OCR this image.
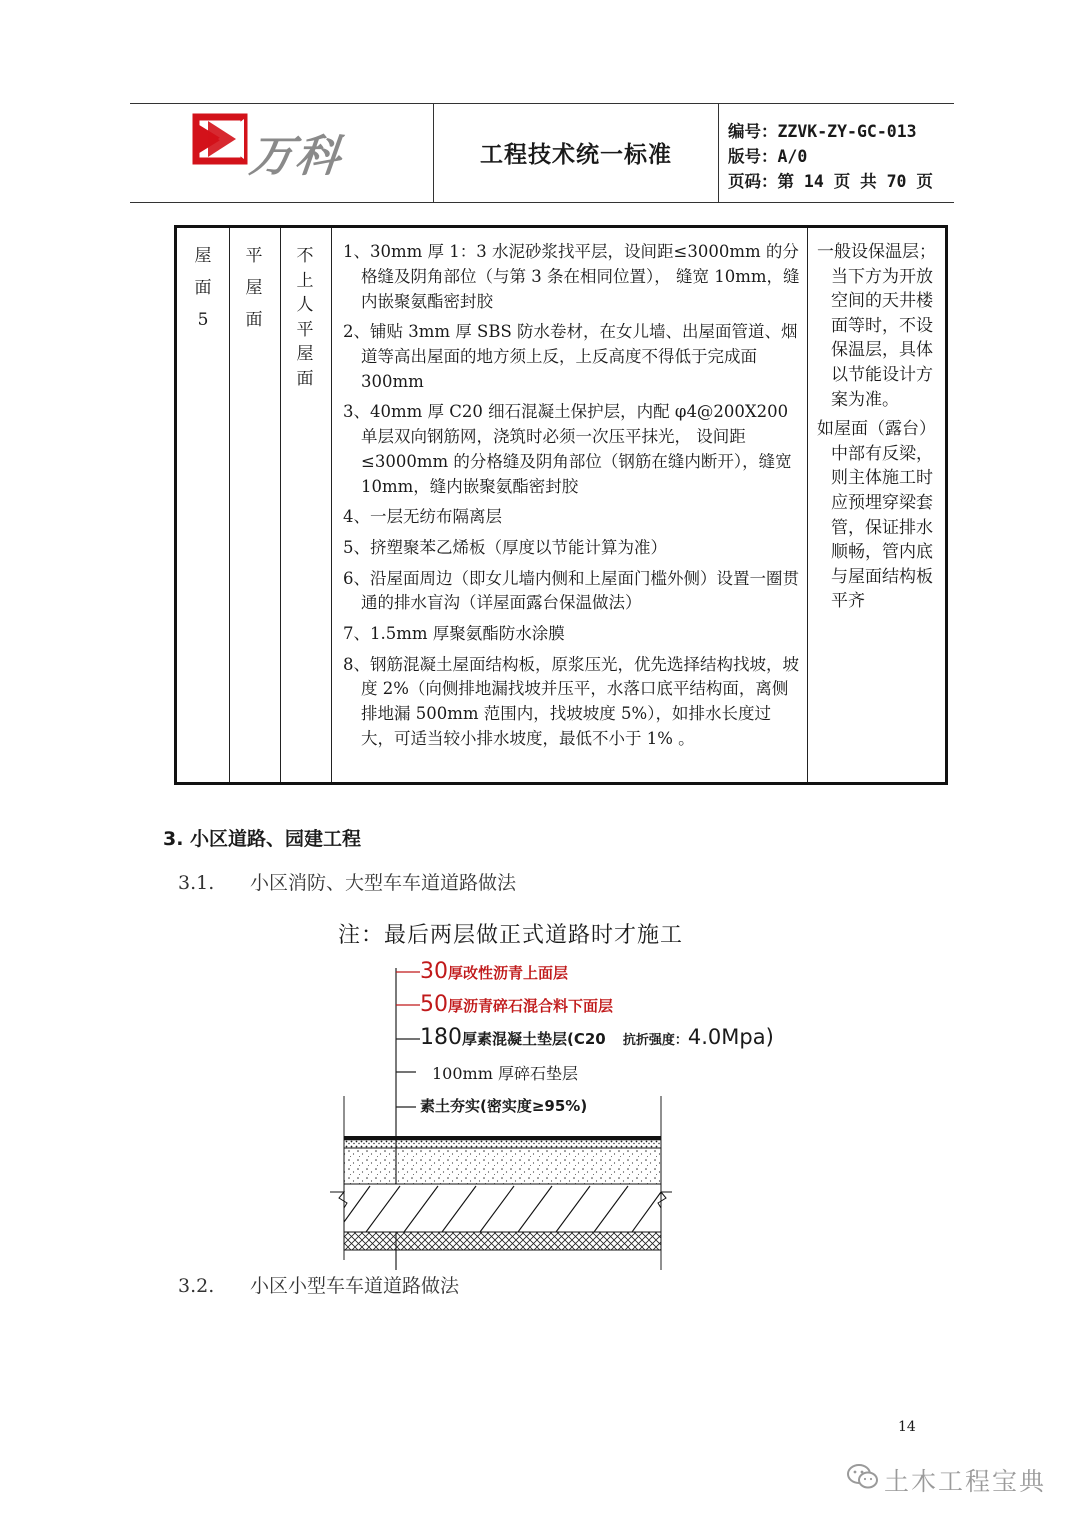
万科	工程技术统一标准
编号：ZZVK-ZY-GC-013
版号：A/0
页码：第 14 页 共 70 页
屋
面
5
平
屋
面
不
上
人
平
屋
面
1、30mm 厚 1：3 水泥砂浆找平层，设间距≤3000mm 的分格缝及阴角部位（与第 3 条在相同位置）， 缝宽 10mm，缝内嵌聚氨酯密封胶
2、铺贴 3mm 厚 SBS 防水卷材，在女儿墙、出屋面管道、烟道等高出屋面的地方须上反，上反高度不得低于完成面 300mm
3、40mm 厚 C20 细石混凝土保护层，内配 φ4@200X200 单层双向钢筋网，浇筑时必须一次压平抹光， 设间距≤3000mm 的分格缝及阴角部位（钢筋在缝内断开），缝宽 10mm，缝内嵌聚氨酯密封胶
4、一层无纺布隔离层
5、挤塑聚苯乙烯板（厚度以节能计算为准）
6、沿屋面周边（即女儿墙内侧和上屋面门槛外侧）设置一圈贯通的排水盲沟（详屋面露台保温做法）
7、1.5mm 厚聚氨酯防水涂膜
8、钢筋混凝土屋面结构板，原浆压光，优先选择结构找坡，坡度 2%（向侧排地漏找坡并压平，水落口底平结构面，离侧排地漏 500mm 范围内，找坡坡度 5%），如排水长度过大，可适当较小排水坡度，最低不小于 1% 。

一般设保温层；当下方为开放空间的天井楼面等时，不设保温层，具体以节能设计方案为准。

如屋面（露台）中部有反梁，则主体施工时应预埋穿梁套管，保证排水顺畅，管内底与屋面结构板平齐

3. 小区道路、园建工程
3.1. 小区消防、大型车车道道路做法
3.2. 小区小型车车道道路做法
注：最后两层做正式道路时才施工
30厚改性沥青上面层
50厚沥青碎石混合料下面层
180厚素混凝土垫层(C20 抗折强度：4.0Mpa)
100mm 厚碎石垫层
素土夯实(密实度≥95%)
14
土木工程宝典
